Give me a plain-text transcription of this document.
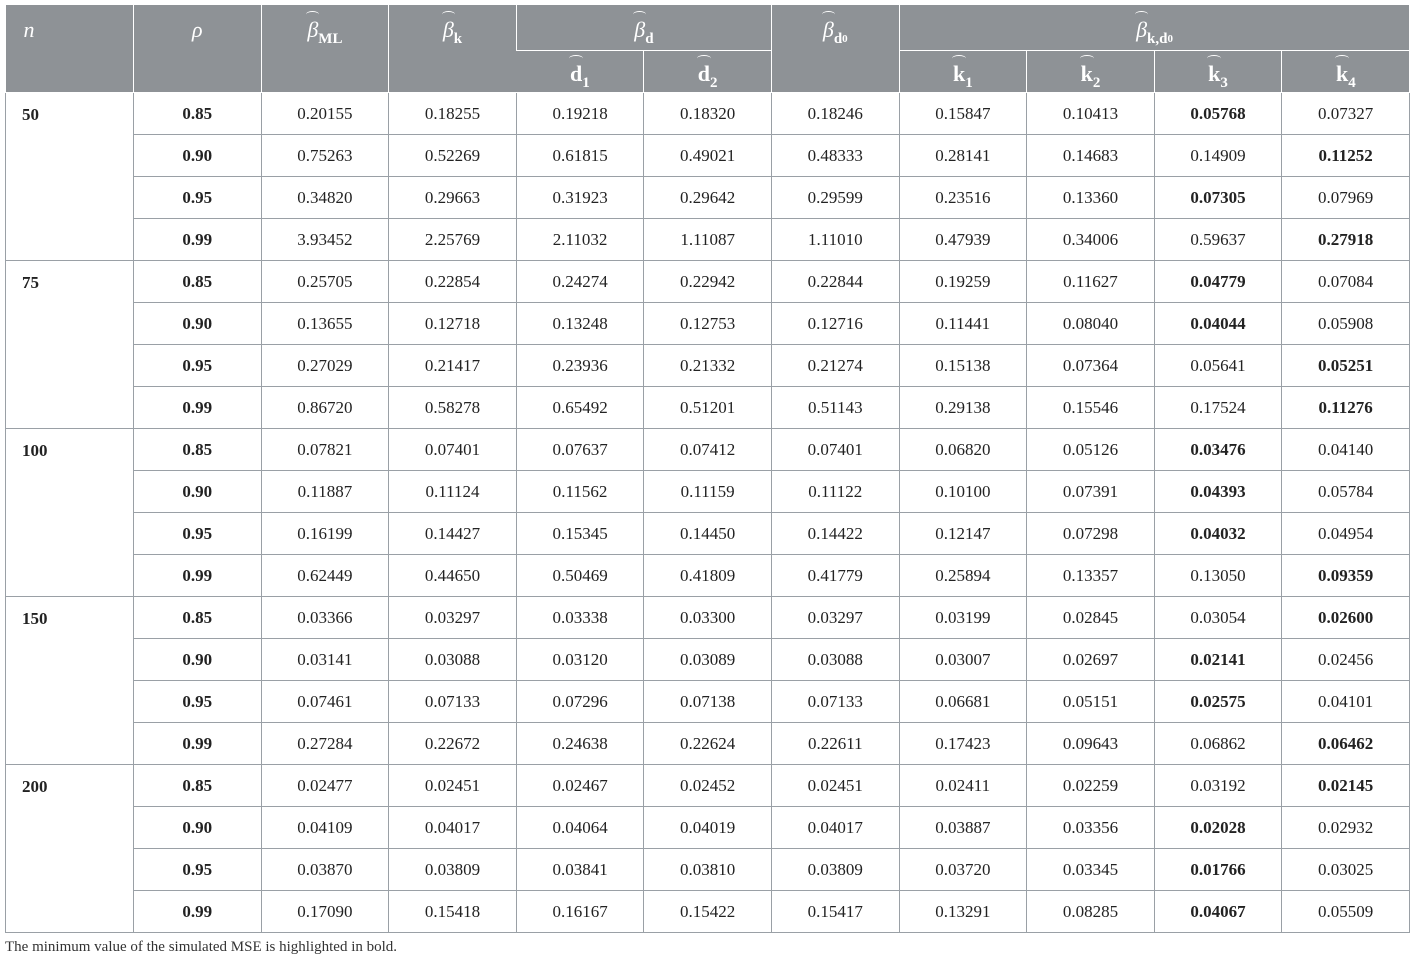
n	ρ	$\beta_{ML}$	$\beta_k$	$\beta_d$		$\beta_{d0}$	$\beta_{k,d0}$
				$d_1$	$d_2$		$k_1$	$k_2$	$k_3$	$k_4$
50	0.85	0.20155	0.18255	0.19218	0.18320	0.18246	0.15847	0.10413	0.05768	0.07327
	0.90	0.75263	0.52269	0.61815	0.49021	0.48333	0.28141	0.14683	0.14909	0.11252
	0.95	0.34820	0.29663	0.31923	0.29642	0.29599	0.23516	0.13360	0.07305	0.07969
	0.99	3.93452	2.25769	2.11032	1.11087	1.11010	0.47939	0.34006	0.59637	0.27918
75	0.85	0.25705	0.22854	0.24274	0.22942	0.22844	0.19259	0.11627	0.04779	0.07084
	0.90	0.13655	0.12718	0.13248	0.12753	0.12716	0.11441	0.08040	0.04044	0.05908
	0.95	0.27029	0.21417	0.23936	0.21332	0.21274	0.15138	0.07364	0.05641	0.05251
	0.99	0.86720	0.58278	0.65492	0.51201	0.51143	0.29138	0.15546	0.17524	0.11276
100	0.85	0.07821	0.07401	0.07637	0.07412	0.07401	0.06820	0.05126	0.03476	0.04140
	0.90	0.11887	0.11124	0.11562	0.11159	0.11122	0.10100	0.07391	0.04393	0.05784
	0.95	0.16199	0.14427	0.15345	0.14450	0.14422	0.12147	0.07298	0.04032	0.04954
	0.99	0.62449	0.44650	0.50469	0.41809	0.41779	0.25894	0.13357	0.13050	0.09359
150	0.85	0.03366	0.03297	0.03338	0.03300	0.03297	0.03199	0.02845	0.03054	0.02600
	0.90	0.03141	0.03088	0.03120	0.03089	0.03088	0.03007	0.02697	0.02141	0.02456
	0.95	0.07461	0.07133	0.07296	0.07138	0.07133	0.06681	0.05151	0.02575	0.04101
	0.99	0.27284	0.22672	0.24638	0.22624	0.22611	0.17423	0.09643	0.06862	0.06462
200	0.85	0.02477	0.02451	0.02467	0.02452	0.02451	0.02411	0.02259	0.03192	0.02145
	0.90	0.04109	0.04017	0.04064	0.04019	0.04017	0.03887	0.03356	0.02028	0.02932
	0.95	0.03870	0.03809	0.03841	0.03810	0.03809	0.03720	0.03345	0.01766	0.03025
	0.99	0.17090	0.15418	0.16167	0.15422	0.15417	0.13291	0.08285	0.04067	0.05509
The minimum value of the simulated MSE is highlighted in bold.
